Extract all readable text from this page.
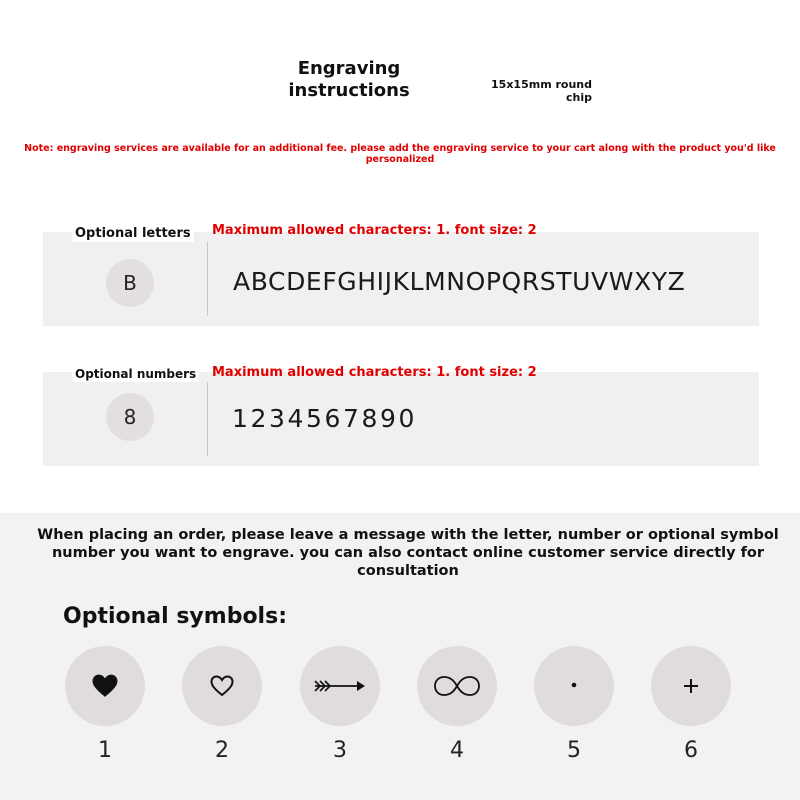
Engraving instructions	15x15mm round chip
Note: engraving services are available for an additional fee. please add the engraving service to your cart along with the product you'd like personalized
Optional letters Maximum allowed characters: 1. font size: 2
B	ABCDEFGHIJKLMNOPQRSTUVWXYZ
Optional numbers Maximum allowed characters: 1. font size: 2
8	1234567890
When placing an order, please leave a message with the letter, number or optional symbol number you want to engrave. you can also contact online customer service directly for consultation
Optional symbols:
1	2	3	4	5	6
